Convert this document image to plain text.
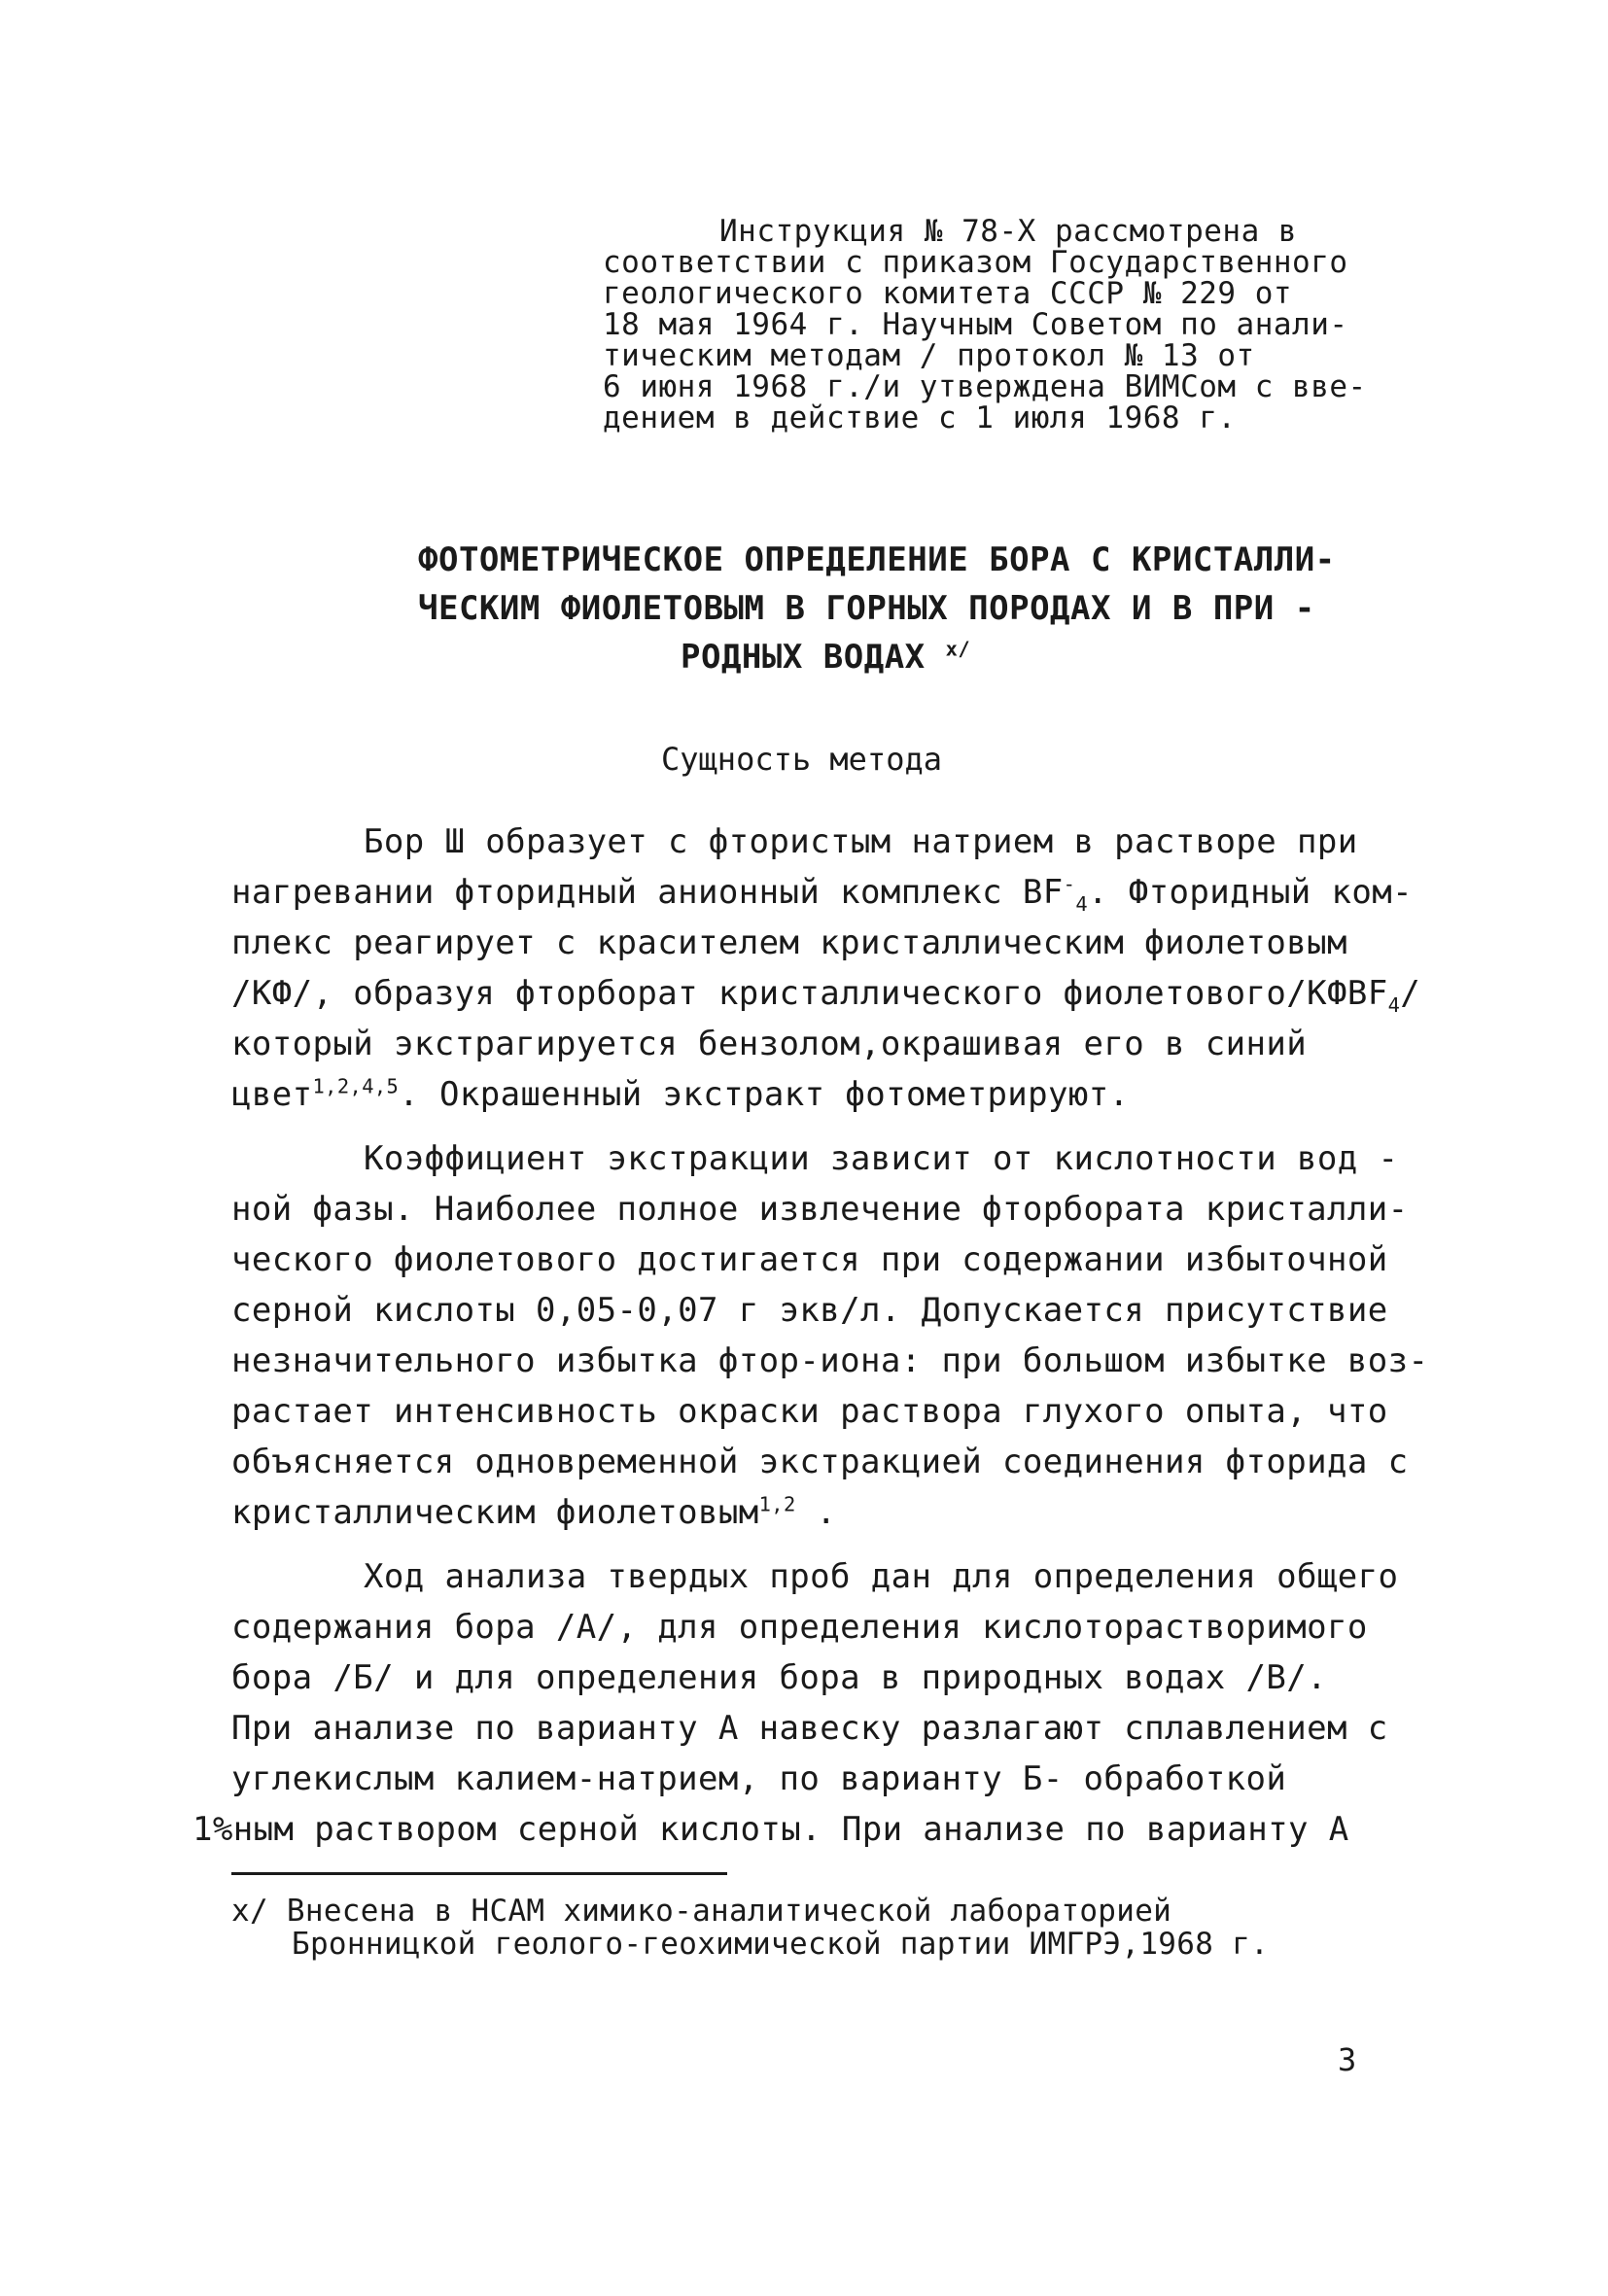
Инструкция № 78-Х рассмотрена в
соответствии с приказом Государственного
геологического комитета СССР № 229 от
18 мая 1964 г. Научным Советом по анали-
тическим методам / протокол № 13 от
6 июня 1968 г./и утверждена ВИМСом с вве-
дением в действие с 1 июля 1968 г.
ФОТОМЕТРИЧЕСКОЕ ОПРЕДЕЛЕНИЕ БОРА С КРИСТАЛЛИ-
ЧЕСКИМ ФИОЛЕТОВЫМ В ГОРНЫХ ПОРОДАХ И В ПРИ -
РОДНЫХ ВОДАХ $^{x/}$
Сущность метода
Бор Ш образует с фтористым натрием в растворе при
нагревании фторидный анионный комплекс $BF^-_4$. Фторидный ком-
плекс реагирует с красителем кристаллическим фиолетовым
/КФ/, образуя фторборат кристаллического фиолетового/$КФВF_4/$
который экстрагируется бензолом,окрашивая его в синий
цвет$^{1,2,4,5}$. Окрашенный экстракт фотометрируют.
Коэффициент экстракции зависит от кислотности вод -
ной фазы. Наиболее полное извлечение фторбората кристалли-
ческого фиолетового достигается при содержании избыточной
серной кислоты 0,05-0,07 г экв/л. Допускается присутствие
незначительного избытка фтор-иона: при большом избытке воз-
растает интенсивность окраски раствора глухого опыта, что
объясняется одновременной экстракцией соединения фторида с
кристаллическим фиолетовым$^{1,2}$ .
Ход анализа твердых проб дан для определения общего
содержания бора /А/, для определения кислоторастворимого
бора /Б/ и для определения бора в природных водах /В/.
При анализе по варианту А навеску разлагают сплавлением с
углекислым калием-натрием, по варианту Б- обработкой
1%ным раствором серной кислоты. При анализе по варианту А
х/ Внесена в НСАМ химико-аналитической лабораторией
Бронницкой геолого-геохимической партии ИМГРЭ,1968 г.
3
